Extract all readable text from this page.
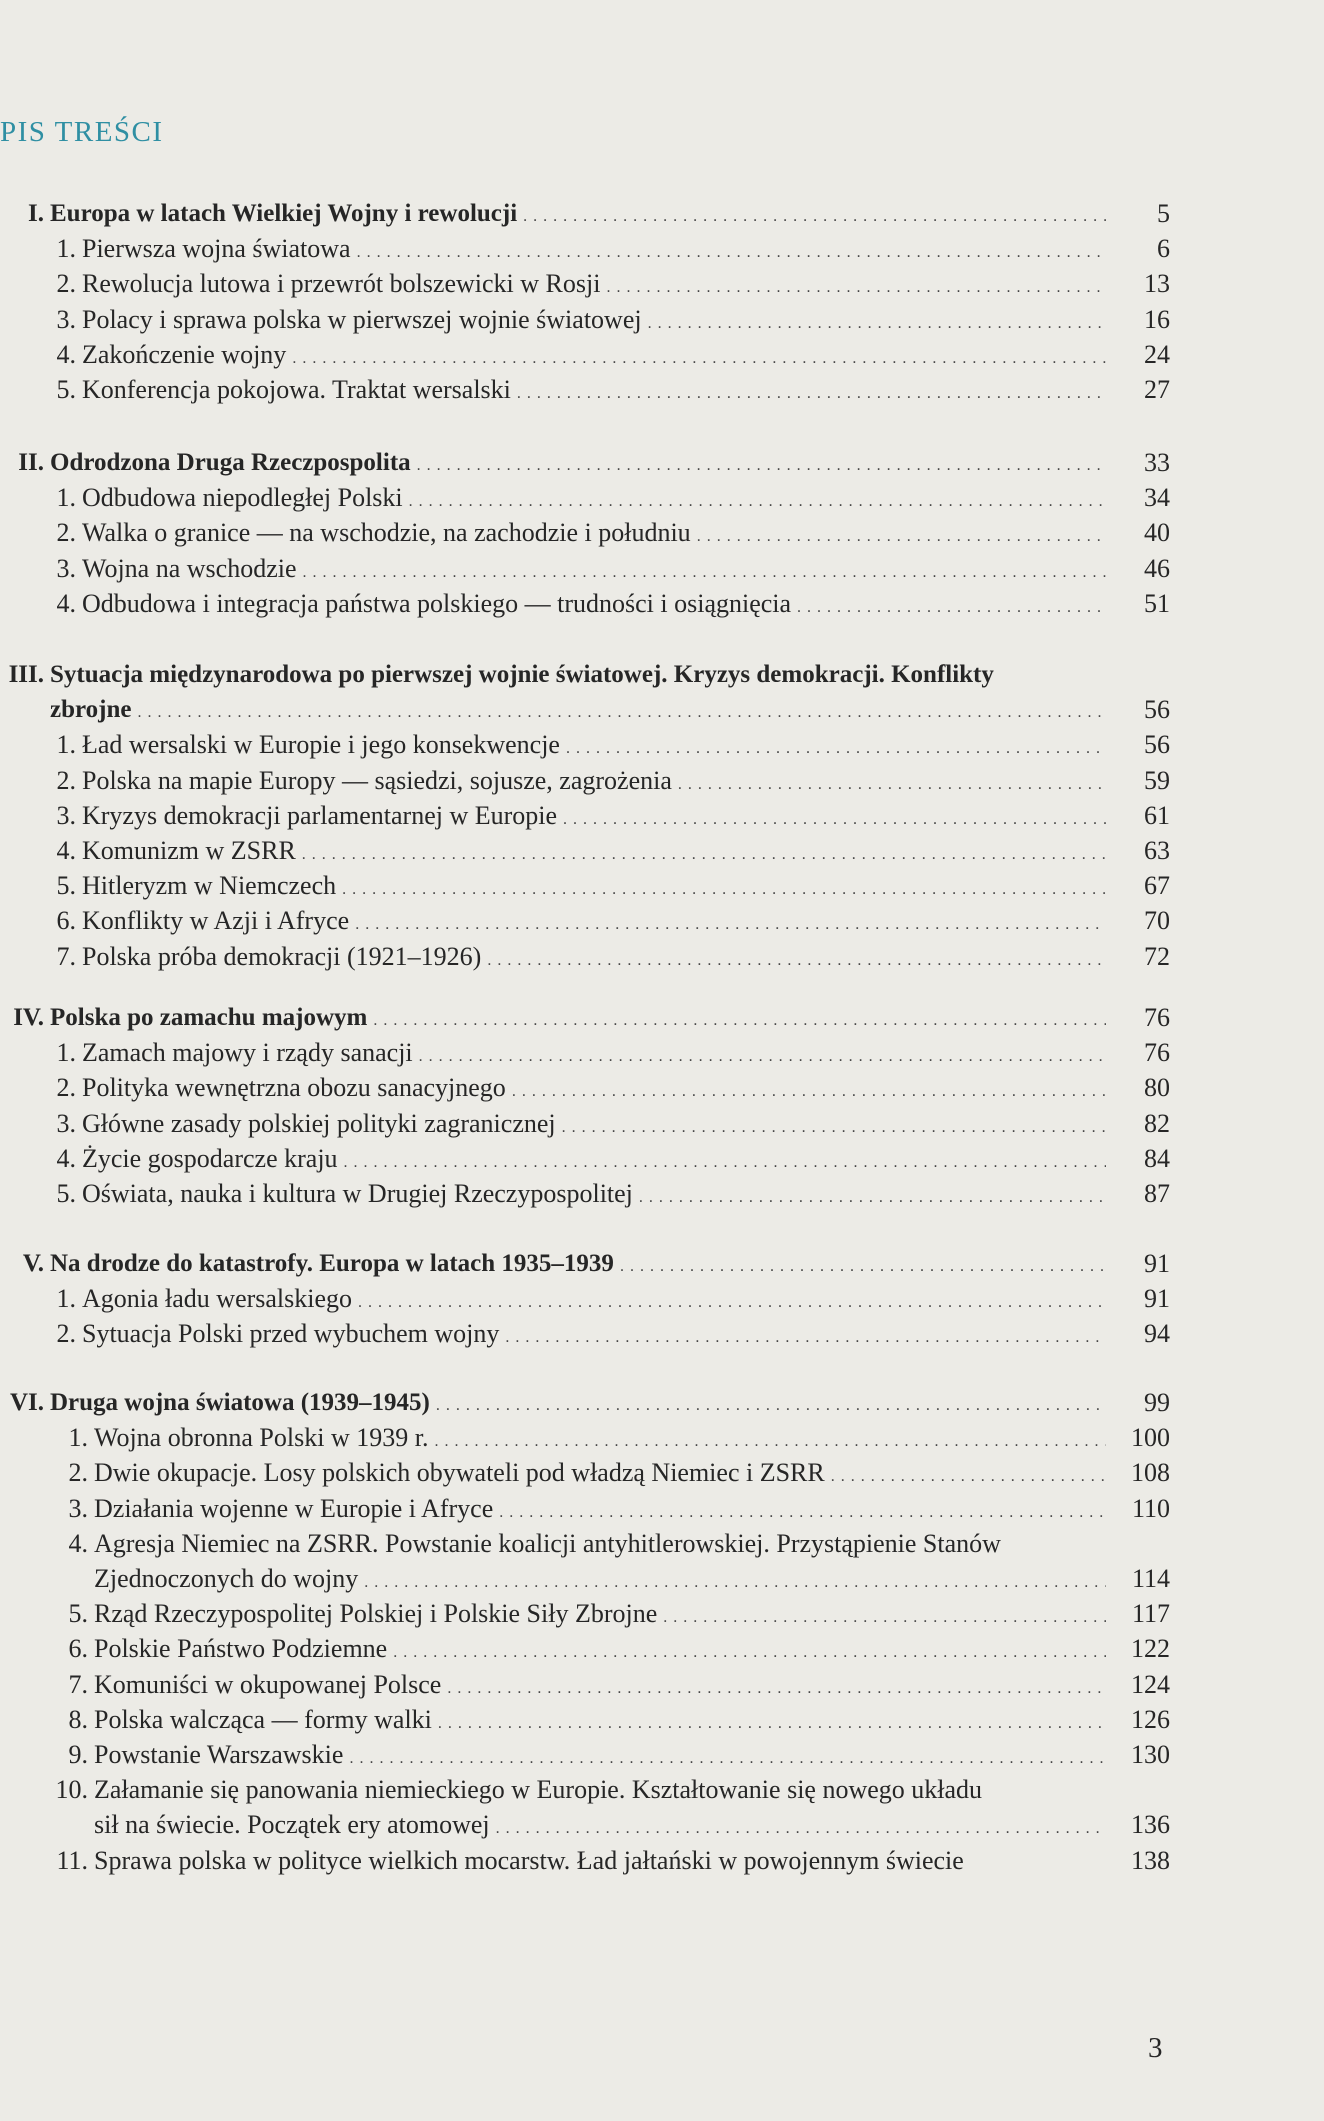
PIS TREŚCI
I. Europa w latach Wielkiej Wojny i rewolucji . . .	5
1. Pierwsza wojna światowa . . .	6
2. Rewolucja lutowa i przewrót bolszewicki w Rosji . . .	13
3. Polacy i sprawa polska w pierwszej wojnie światowej . . .	16
4. Zakończenie wojny . . .	24
5. Konferencja pokojowa. Traktat wersalski . . .	27
II. Odrodzona Druga Rzeczpospolita . . .	33
1. Odbudowa niepodległej Polski . . .	34
2. Walka o granice — na wschodzie, na zachodzie i południu . . .	40
3. Wojna na wschodzie . . .	46
4. Odbudowa i integracja państwa polskiego — trudności i osiągnięcia . . .	51
III. Sytuacja międzynarodowa po pierwszej wojnie światowej. Kryzys demokracji. Konflikty
zbrojne . . .	56
1. Ład wersalski w Europie i jego konsekwencje . . .	56
2. Polska na mapie Europy — sąsiedzi, sojusze, zagrożenia . . .	59
3. Kryzys demokracji parlamentarnej w Europie . . .	61
4. Komunizm w ZSRR . . .	63
5. Hitleryzm w Niemczech . . .	67
6. Konflikty w Azji i Afryce . . .	70
7. Polska próba demokracji (1921–1926) . . .	72
IV. Polska po zamachu majowym . . .	76
1. Zamach majowy i rządy sanacji . . .	76
2. Polityka wewnętrzna obozu sanacyjnego . . .	80
3. Główne zasady polskiej polityki zagranicznej . . .	82
4. Życie gospodarcze kraju . . .	84
5. Oświata, nauka i kultura w Drugiej Rzeczypospolitej . . .	87
V. Na drodze do katastrofy. Europa w latach 1935–1939 . . .	91
1. Agonia ładu wersalskiego . . .	91
2. Sytuacja Polski przed wybuchem wojny . . .	94
VI. Druga wojna światowa (1939–1945) . . .	99
1. Wojna obronna Polski w 1939 r. . . .	100
2. Dwie okupacje. Losy polskich obywateli pod władzą Niemiec i ZSRR . . .	108
3. Działania wojenne w Europie i Afryce . . .	110
4. Agresja Niemiec na ZSRR. Powstanie koalicji antyhitlerowskiej. Przystąpienie Stanów
Zjednoczonych do wojny . . .	114
5. Rząd Rzeczypospolitej Polskiej i Polskie Siły Zbrojne . . .	117
6. Polskie Państwo Podziemne . . .	122
7. Komuniści w okupowanej Polsce . . .	124
8. Polska walcząca — formy walki . . .	126
9. Powstanie Warszawskie . . .	130
10. Załamanie się panowania niemieckiego w Europie. Kształtowanie się nowego układu
sił na świecie. Początek ery atomowej . . .	136
11. Sprawa polska w polityce wielkich mocarstw. Ład jałtański w powojennym świecie	138
3
